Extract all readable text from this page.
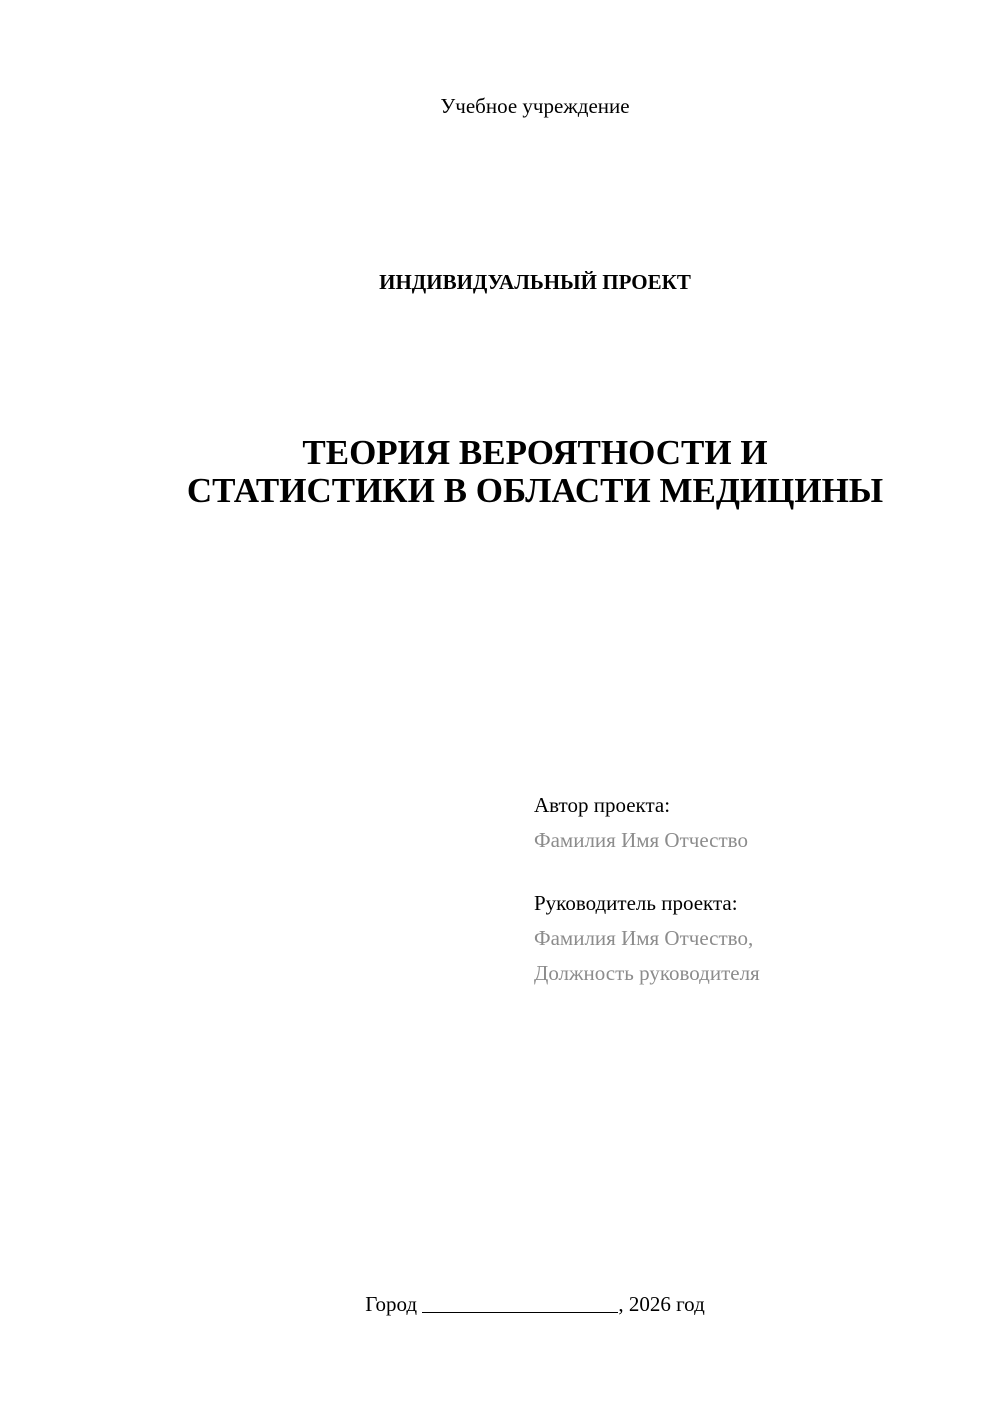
Учебное учреждение
ИНДИВИДУАЛЬНЫЙ ПРОЕКТ
ТЕОРИЯ ВЕРОЯТНОСТИ И
СТАТИСТИКИ В ОБЛАСТИ МЕДИЦИНЫ
Автор проекта:
Фамилия Имя Отчество
Руководитель проекта:
Фамилия Имя Отчество,
Должность руководителя
Город	, 2026 год
